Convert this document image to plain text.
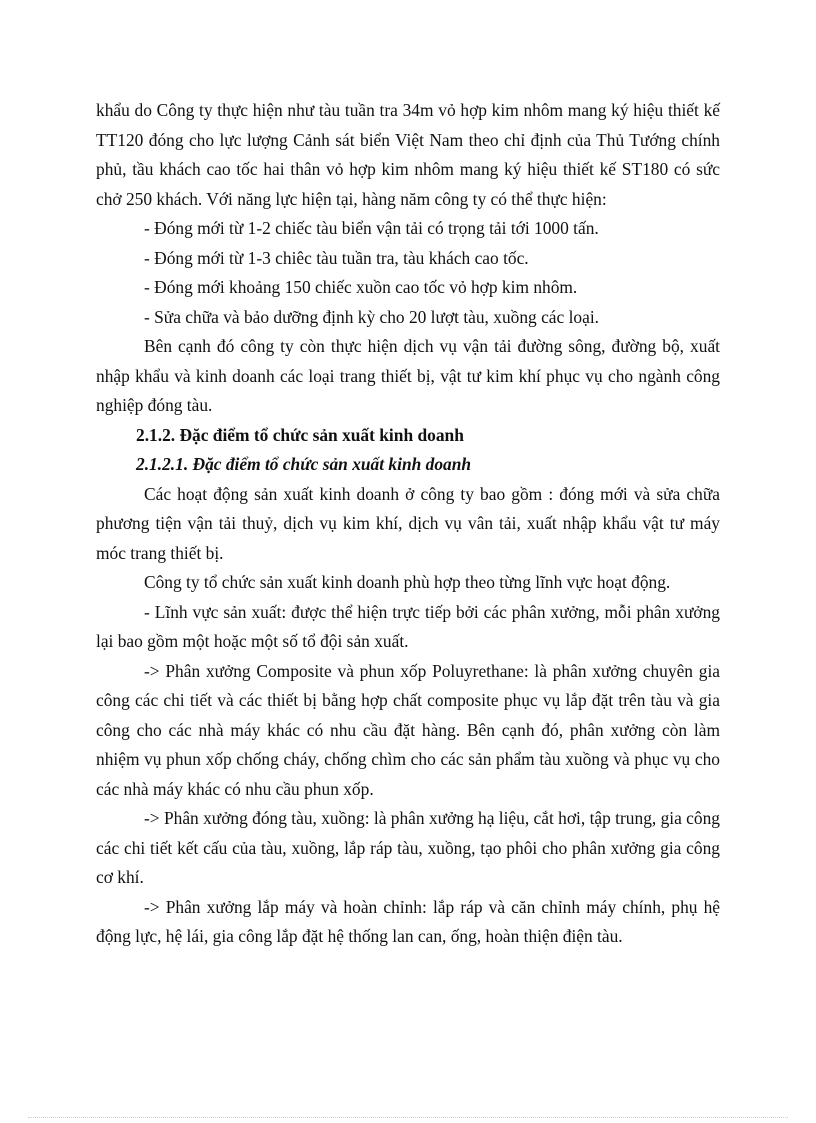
khẩu do Công ty thực hiện như tàu tuần tra 34m vỏ hợp kim nhôm mang ký hiệu thiết kế TT120 đóng cho lực lượng Cảnh sát biển Việt Nam theo chỉ định của Thủ Tướng chính phủ, tầu khách cao tốc hai thân vỏ hợp kim nhôm mang ký hiệu thiết kế ST180 có sức chở 250 khách. Với năng lực hiện tại, hàng năm công ty có thể thực hiện:

- Đóng mới từ 1-2 chiếc tàu biển vận tải có trọng tải tới 1000 tấn.

- Đóng mới từ 1-3 chiêc tàu tuần tra, tàu khách cao tốc.

- Đóng mới khoảng 150 chiếc xuồn cao tốc vỏ hợp kim nhôm.

- Sửa chữa và bảo dưỡng định kỳ cho 20 lượt tàu, xuồng các loại.

Bên cạnh đó công ty còn thực hiện dịch vụ vận tải đường sông, đường bộ, xuất nhập khẩu và kinh doanh các loại trang thiết bị, vật tư kim khí phục vụ cho ngành công nghiệp đóng tàu.

2.1.2. Đặc điểm tổ chức sản xuất kinh doanh

2.1.2.1. Đặc điểm tổ chức sản xuất kinh doanh

Các hoạt động sản xuất kinh doanh ở công ty bao gồm : đóng mới và sửa chữa phương tiện vận tải thuỷ, dịch vụ kim khí, dịch vụ vân tải, xuất nhập khẩu vật tư máy móc trang thiết bị.

Công ty tổ chức sản xuất kinh doanh phù hợp theo từng lĩnh vực hoạt động.

- Lĩnh vực sản xuất: được thể hiện trực tiếp bởi các phân xưởng, mỗi phân xưởng lại bao gồm một hoặc một số tổ đội sản xuất.

-> Phân xưởng Composite và phun xốp Poluyrethane: là phân xưởng chuyên gia công các chi tiết và các thiết bị bằng hợp chất composite phục vụ lắp đặt trên tàu và gia công cho các nhà máy khác có nhu cầu đặt hàng. Bên cạnh đó, phân xưởng còn làm nhiệm vụ phun xốp chống cháy, chống chìm cho các sản phẩm tàu xuồng và phục vụ cho các nhà máy khác có nhu cầu phun xốp.

-> Phân xưởng đóng tàu, xuồng: là phân xưởng hạ liệu, cắt hơi, tập trung, gia công các chi tiết kết cấu của tàu, xuồng, lắp ráp tàu, xuồng, tạo phôi cho phân xưởng gia công cơ khí.

-> Phân xưởng lắp máy và hoàn chỉnh: lắp ráp và căn chỉnh máy chính, phụ hệ động lực, hệ lái, gia công lắp đặt hệ thống lan can, ống, hoàn thiện điện tàu.
